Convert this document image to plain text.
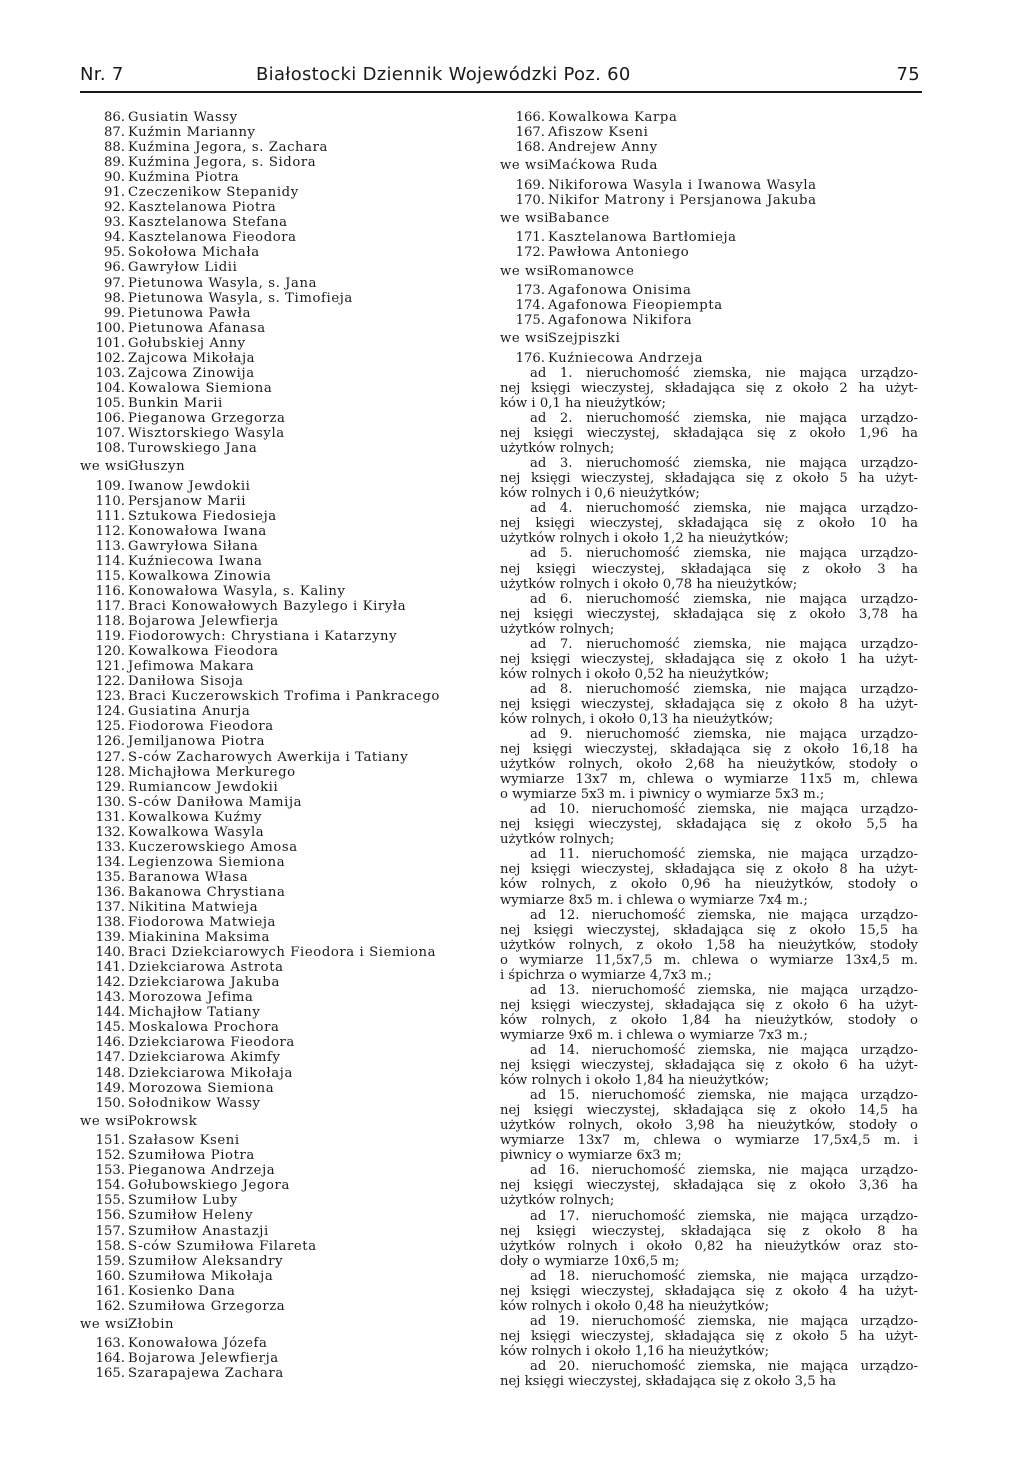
Nr. 7	Białostocki Dziennik Wojewódzki Poz. 60	75
86. Gusiatin Wassy
87. Kuźmin Marianny
88. Kuźmina Jegora, s. Zachara
89. Kuźmina Jegora, s. Sidora
90. Kuźmina Piotra
91. Czeczenikow Stepanidy
92. Kasztelanowa Piotra
93. Kasztelanowa Stefana
94. Kasztelanowa Fieodora
95. Sokołowa Michała
96. Gawryłow Lidii
97. Pietunowa Wasyla, s. Jana
98. Pietunowa Wasyla, s. Timofieja
99. Pietunowa Pawła
100. Pietunowa Afanasa
101. Gołubskiej Anny
102. Zajcowa Mikołaja
103. Zajcowa Zinowija
104. Kowalowa Siemiona
105. Bunkin Marii
106. Pieganowa Grzegorza
107. Wisztorskiego Wasyla
108. Turowskiego Jana
we wsiGłuszyn
109. Iwanow Jewdokii
110. Persjanow Marii
111. Sztukowa Fiedosieja
112. Konowałowa Iwana
113. Gawryłowa Siłana
114. Kuźniecowa Iwana
115. Kowalkowa Zinowia
116. Konowałowa Wasyla, s. Kaliny
117. Braci Konowałowych Bazylego i Kiryła
118. Bojarowa Jelewfierja
119. Fiodorowych: Chrystiana i Katarzyny
120. Kowalkowa Fieodora
121. Jefimowa Makara
122. Daniłowa Sisoja
123. Braci Kuczerowskich Trofima i Pankracego
124. Gusiatina Anurja
125. Fiodorowa Fieodora
126. Jemiljanowa Piotra
127. S-ców Zacharowych Awerkija i Tatiany
128. Michajłowa Merkurego
129. Rumiancow Jewdokii
130. S-ców Daniłowa Mamija
131. Kowalkowa Kuźmy
132. Kowalkowa Wasyla
133. Kuczerowskiego Amosa
134. Legienzowa Siemiona
135. Baranowa Własa
136. Bakanowa Chrystiana
137. Nikitina Matwieja
138. Fiodorowa Matwieja
139. Miakinina Maksima
140. Braci Dziekciarowych Fieodora i Siemiona
141. Dziekciarowa Astrota
142. Dziekciarowa Jakuba
143. Morozowa Jefima
144. Michajłow Tatiany
145. Moskalowa Prochora
146. Dziekciarowa Fieodora
147. Dziekciarowa Akimfy
148. Dziekciarowa Mikołaja
149. Morozowa Siemiona
150. Sołodnikow Wassy
we wsiPokrowsk
151. Szałasow Kseni
152. Szumiłowa Piotra
153. Pieganowa Andrzeja
154. Gołubowskiego Jegora
155. Szumiłow Luby
156. Szumiłow Heleny
157. Szumiłow Anastazji
158. S-ców Szumiłowa Filareta
159. Szumiłow Aleksandry
160. Szumiłowa Mikołaja
161. Kosienko Dana
162. Szumiłowa Grzegorza
we wsiZłobin
163. Konowałowa Józefa
164. Bojarowa Jelewfierja
165. Szarapajewa Zachara
166. Kowalkowa Karpa
167. Afiszow Kseni
168. Andrejew Anny
we wsiMaćkowa Ruda
169. Nikiforowa Wasyla i Iwanowa Wasyla
170. Nikifor Matrony i Persjanowa Jakuba
we wsiBabance
171. Kasztelanowa Bartłomieja
172. Pawłowa Antoniego
we wsiRomanowce
173. Agafonowa Onisima
174. Agafonowa Fieopiempta
175. Agafonowa Nikifora
we wsiSzejpiszki
176. Kuźniecowa Andrzeja
ad 1. nieruchomość ziemska, nie mająca urządzo-
nej księgi wieczystej, składająca się z około 2 ha użyt-
ków i 0,1 ha nieużytków;
ad 2. nieruchomość ziemska, nie mająca urządzo-
nej księgi wieczystej, składająca się z około 1,96 ha
użytków rolnych;
ad 3. nieruchomość ziemska, nie mająca urządzo-
nej księgi wieczystej, składająca się z około 5 ha użyt-
ków rolnych i 0,6 nieużytków;
ad 4. nieruchomość ziemska, nie mająca urządzo-
nej księgi wieczystej, składająca się z około 10 ha
użytków rolnych i około 1,2 ha nieużytków;
ad 5. nieruchomość ziemska, nie mająca urządzo-
nej księgi wieczystej, składająca się z około 3 ha
użytków rolnych i około 0,78 ha nieużytków;
ad 6. nieruchomość ziemska, nie mająca urządzo-
nej księgi wieczystej, składająca się z około 3,78 ha
użytków rolnych;
ad 7. nieruchomość ziemska, nie mająca urządzo-
nej księgi wieczystej, składająca się z około 1 ha użyt-
ków rolnych i około 0,52 ha nieużytków;
ad 8. nieruchomość ziemska, nie mająca urządzo-
nej księgi wieczystej, składająca się z około 8 ha użyt-
ków rolnych, i około 0,13 ha nieużytków;
ad 9. nieruchomość ziemska, nie mająca urządzo-
nej księgi wieczystej, składająca się z około 16,18 ha
użytków rolnych, około 2,68 ha nieużytków, stodoły o
wymiarze 13x7 m, chlewa o wymiarze 11x5 m, chlewa
o wymiarze 5x3 m. i piwnicy o wymiarze 5x3 m.;
ad 10. nieruchomość ziemska, nie mająca urządzo-
nej księgi wieczystej, składająca się z około 5,5 ha
użytków rolnych;
ad 11. nieruchomość ziemska, nie mająca urządzo-
nej księgi wieczystej, składająca się z około 8 ha użyt-
ków rolnych, z około 0,96 ha nieużytków, stodoły o
wymiarze 8x5 m. i chlewa o wymiarze 7x4 m.;
ad 12. nieruchomość ziemska, nie mająca urządzo-
nej księgi wieczystej, składająca się z około 15,5 ha
użytków rolnych, z około 1,58 ha nieużytków, stodoły
o wymiarze 11,5x7,5 m. chlewa o wymiarze 13x4,5 m.
i śpichrza o wymiarze 4,7x3 m.;
ad 13. nieruchomość ziemska, nie mająca urządzo-
nej księgi wieczystej, składająca się z około 6 ha użyt-
ków rolnych, z około 1,84 ha nieużytków, stodoły o
wymiarze 9x6 m. i chlewa o wymiarze 7x3 m.;
ad 14. nieruchomość ziemska, nie mająca urządzo-
nej księgi wieczystej, składająca się z około 6 ha użyt-
ków rolnych i około 1,84 ha nieużytków;
ad 15. nieruchomość ziemska, nie mająca urządzo-
nej księgi wieczystej, składająca się z około 14,5 ha
użytków rolnych, około 3,98 ha nieużytków, stodoły o
wymiarze 13x7 m, chlewa o wymiarze 17,5x4,5 m. i
piwnicy o wymiarze 6x3 m;
ad 16. nieruchomość ziemska, nie mająca urządzo-
nej księgi wieczystej, składająca się z około 3,36 ha
użytków rolnych;
ad 17. nieruchomość ziemska, nie mająca urządzo-
nej księgi wieczystej, składająca się z około 8 ha
użytków rolnych i około 0,82 ha nieużytków oraz sto-
doły o wymiarze 10x6,5 m;
ad 18. nieruchomość ziemska, nie mająca urządzo-
nej księgi wieczystej, składająca się z około 4 ha użyt-
ków rolnych i około 0,48 ha nieużytków;
ad 19. nieruchomość ziemska, nie mająca urządzo-
nej księgi wieczystej, składająca się z około 5 ha użyt-
ków rolnych i około 1,16 ha nieużytków;
ad 20. nieruchomość ziemska, nie mająca urządzo-
nej księgi wieczystej, składająca się z około 3,5 ha
